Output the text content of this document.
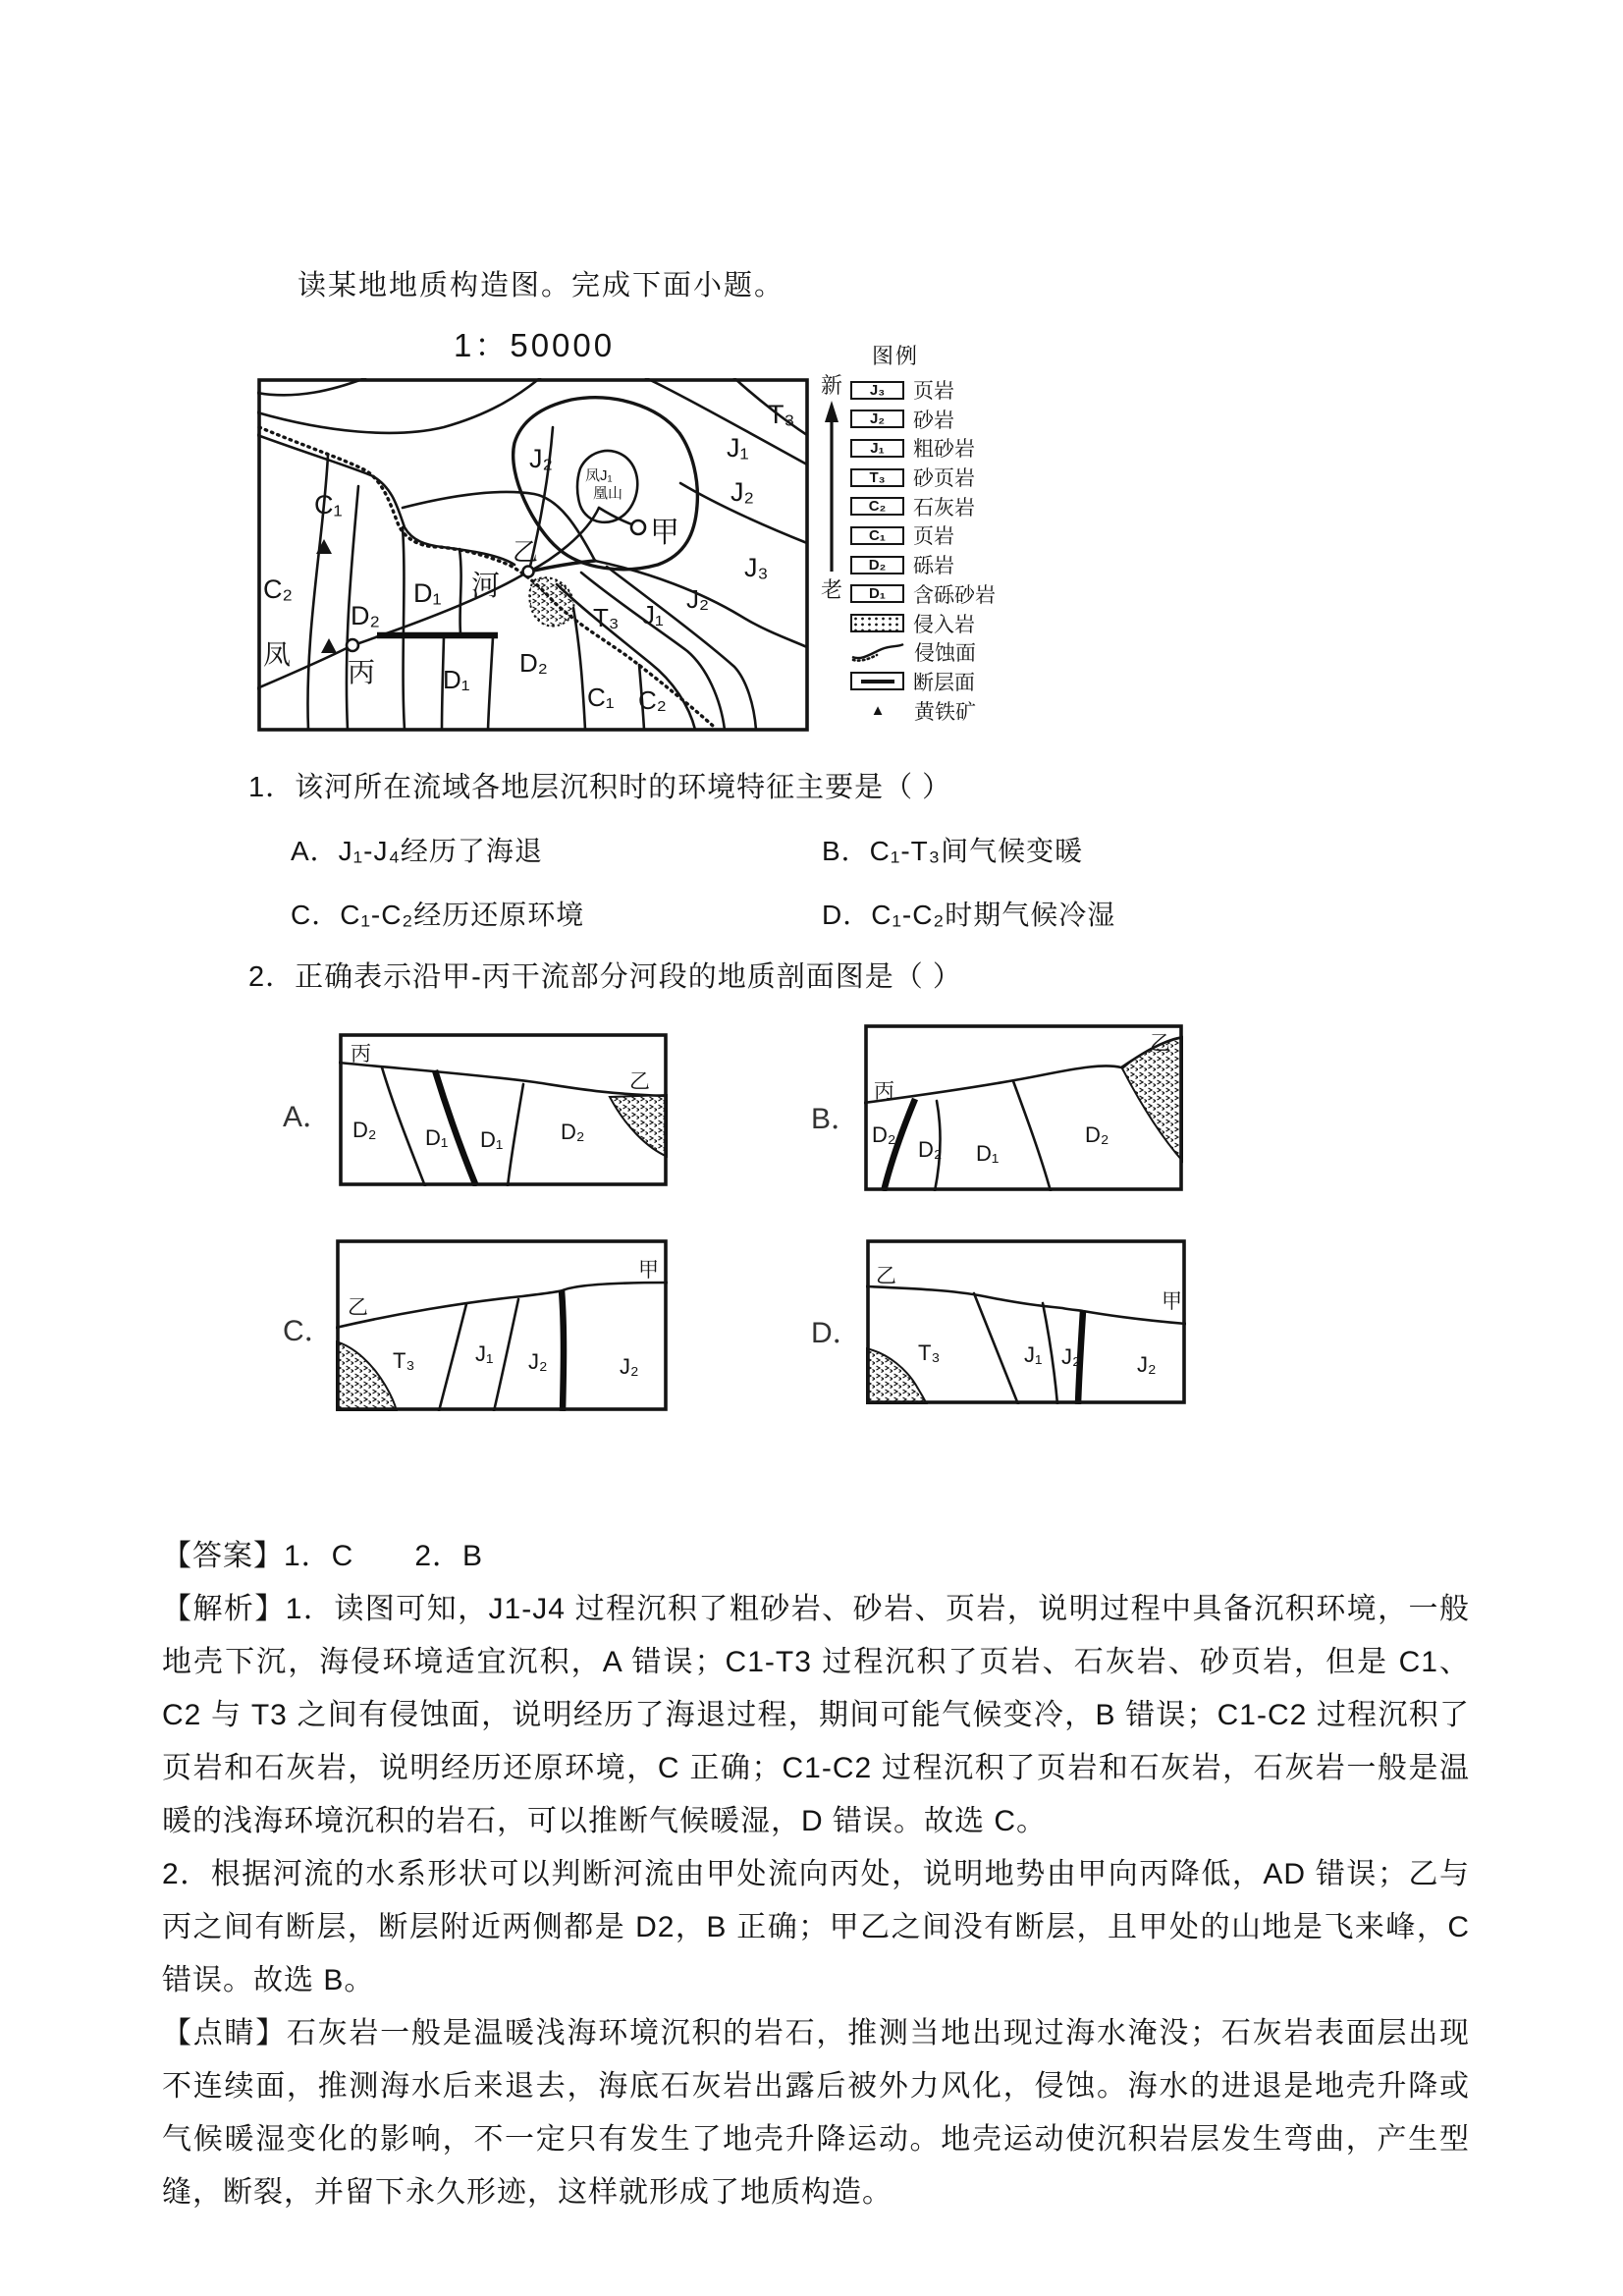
读某地地质构造图。完成下面小题。
1：50000
T₃
J₁
J₂
J₃
J₂
凤J₁
凰山
甲
乙
河
T₃ J₁
J₂
C₁ C₂
C₁
C₂
D₂
D₁
凤
丙	D₁
D₂
新
老
图例
J₃ 页岩
J₂ 砂岩
J₁ 粗砂岩
T₃ 砂页岩
C₂ 石灰岩
C₁ 页岩
D₂ 砾岩
D₁ 含砾砂岩
侵入岩
侵蚀面
断层面
▲	黄铁矿
1．该河所在流域各地层沉积时的环境特征主要是（ ）
A．J₁-J₄经历了海退	B．C₁-T₃间气候变暖
C．C₁-C₂经历还原环境	D．C₁-C₂时期气候冷湿
2．正确表示沿甲-丙干流部分河段的地质剖面图是（ ）
A．
丙
D₂ D₁ D₁	D₂
乙
B．
丙
D₂
D₂ D₁
D₂
乙
C．
乙
T₃	J₁ J₂	J₂
甲
D．
乙
T₃	J₁ J₂	J₂
甲

【答案】1．C　　2．B

【解析】1．读图可知，J1-J4 过程沉积了粗砂岩、砂岩、页岩，说明过程中具备沉积环境，一般地壳下沉，海侵环境适宜沉积，A 错误；C1-T3 过程沉积了页岩、石灰岩、砂页岩，但是 C1、C2 与 T3 之间有侵蚀面，说明经历了海退过程，期间可能气候变冷，B 错误；C1-C2 过程沉积了页岩和石灰岩，说明经历还原环境，C 正确；C1-C2 过程沉积了页岩和石灰岩，石灰岩一般是温暖的浅海环境沉积的岩石，可以推断气候暖湿，D 错误。故选 C。

2．根据河流的水系形状可以判断河流由甲处流向丙处，说明地势由甲向丙降低，AD 错误；乙与丙之间有断层，断层附近两侧都是 D2，B 正确；甲乙之间没有断层，且甲处的山地是飞来峰，C 错误。故选 B。

【点睛】石灰岩一般是温暖浅海环境沉积的岩石，推测当地出现过海水淹没；石灰岩表面层出现不连续面，推测海水后来退去，海底石灰岩出露后被外力风化，侵蚀。海水的进退是地壳升降或气候暖湿变化的影响，不一定只有发生了地壳升降运动。地壳运动使沉积岩层发生弯曲，产生型缝，断裂，并留下永久形迹，这样就形成了地质构造。
